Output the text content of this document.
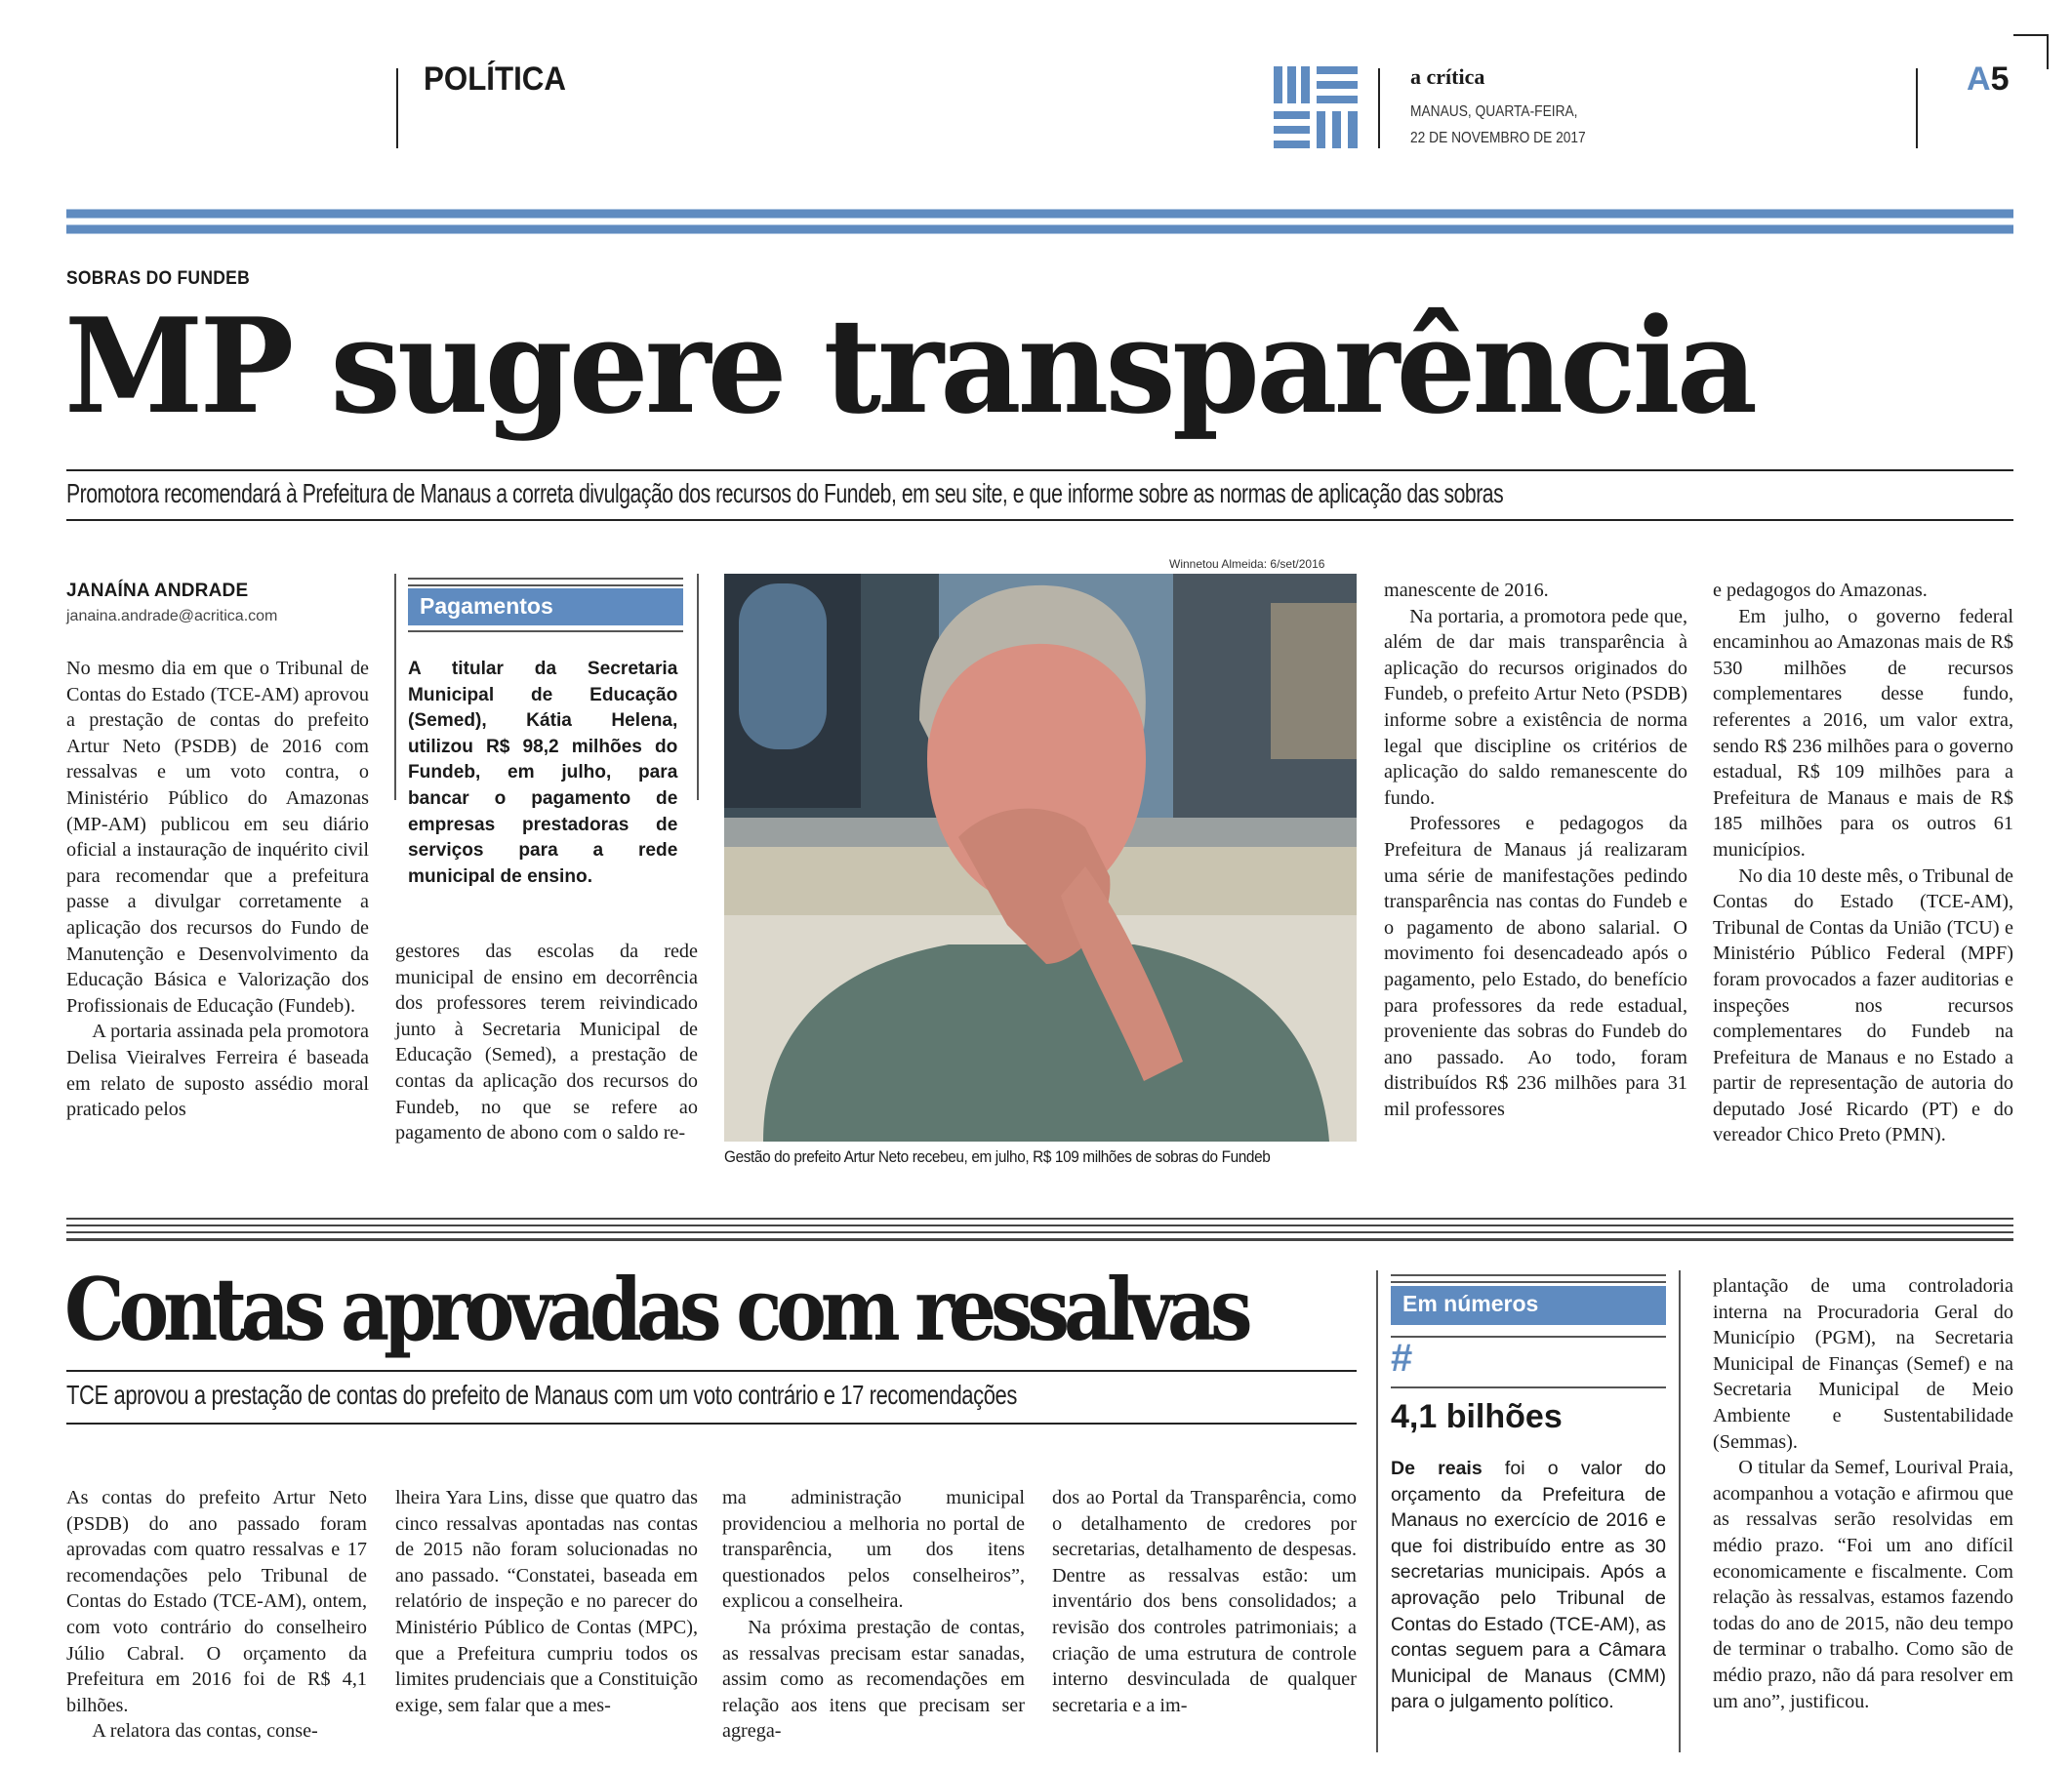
POLÍTICA	a crítica
MANAUS, QUARTA-FEIRA,
22 DE NOVEMBRO DE 2017
A5
SOBRAS DO FUNDEB
MP sugere transparência
Promotora recomendará à Prefeitura de Manaus a correta divulgação dos recursos do Fundeb, em seu site, e que informe sobre as normas de aplicação das sobras
JANAÍNA ANDRADE
janaina.andrade@acritica.com

No mesmo dia em que o Tribunal de Contas do Estado (TCE-AM) aprovou a prestação de contas do prefeito Artur Neto (PSDB) de 2016 com ressalvas e um voto contra, o Ministério Público do Amazonas (MP-AM) publicou em seu diário oficial a instauração de inquérito civil para recomendar que a prefeitura passe a divulgar corretamente a aplicação dos recursos do Fundo de Manutenção e Desenvolvimento da Educação Básica e Valorização dos Profissionais de Educação (Fundeb).

A portaria assinada pela promotora Delisa Vieiralves Ferreira é baseada em relato de suposto assédio moral praticado pelos

Pagamentos
A titular da Secretaria Municipal de Educação (Semed), Kátia Helena, utilizou R$ 98,2 milhões do Fundeb, em julho, para bancar o pagamento de empresas prestadoras de serviços para a rede municipal de ensino.

gestores das escolas da rede municipal de ensino em decorrência dos professores terem reivindicado junto à Secretaria Municipal de Educação (Semed), a prestação de contas da aplicação dos recursos do Fundeb, no que se refere ao pagamento de abono com o saldo re-

Winnetou Almeida: 6/set/2016
Gestão do prefeito Artur Neto recebeu, em julho, R$ 109 milhões de sobras do Fundeb

manescente de 2016.

Na portaria, a promotora pede que, além de dar mais transparência à aplicação do recursos originados do Fundeb, o prefeito Artur Neto (PSDB) informe sobre a existência de norma legal que discipline os critérios de aplicação do saldo remanescente do fundo.

Professores e pedagogos da Prefeitura de Manaus já realizaram uma série de manifestações pedindo transparência nas contas do Fundeb e o pagamento de abono salarial. O movimento foi desencadeado após o pagamento, pelo Estado, do benefício para professores da rede estadual, proveniente das sobras do Fundeb do ano passado. Ao todo, foram distribuídos R$ 236 milhões para 31 mil professores

e pedagogos do Amazonas.

Em julho, o governo federal encaminhou ao Amazonas mais de R$ 530 milhões de recursos complementares desse fundo, referentes a 2016, um valor extra, sendo R$ 236 milhões para o governo estadual, R$ 109 milhões para a Prefeitura de Manaus e mais de R$ 185 milhões para os outros 61 municípios.

No dia 10 deste mês, o Tribunal de Contas do Estado (TCE-AM), Tribunal de Contas da União (TCU) e Ministério Público Federal (MPF) foram provocados a fazer auditorias e inspeções nos recursos complementares do Fundeb na Prefeitura de Manaus e no Estado a partir de representação de autoria do deputado José Ricardo (PT) e do vereador Chico Preto (PMN).

Contas aprovadas com ressalvas
TCE aprovou a prestação de contas do prefeito de Manaus com um voto contrário e 17 recomendações

As contas do prefeito Artur Neto (PSDB) do ano passado foram aprovadas com quatro ressalvas e 17 recomendações pelo Tribunal de Contas do Estado (TCE-AM), ontem, com voto contrário do conselheiro Júlio Cabral. O orçamento da Prefeitura em 2016 foi de R$ 4,1 bilhões.

A relatora das contas, conse-

lheira Yara Lins, disse que quatro das cinco ressalvas apontadas nas contas de 2015 não foram solucionadas no ano passado. “Constatei, baseada em relatório de inspeção e no parecer do Ministério Público de Contas (MPC), que a Prefeitura cumpriu todos os limites prudenciais que a Constituição exige, sem falar que a mes-

ma administração municipal providenciou a melhoria no portal de transparência, um dos itens questionados pelos conselheiros”, explicou a conselheira.

Na próxima prestação de contas, as ressalvas precisam estar sanadas, assim como as recomendações em relação aos itens que precisam ser agrega-

dos ao Portal da Transparência, como o detalhamento de credores por secretarias, detalhamento de despesas. Dentre as ressalvas estão: um inventário dos bens consolidados; a revisão dos controles patrimoniais; a criação de uma estrutura de controle interno desvinculada de qualquer secretaria e a im-

Em números
#
4,1 bilhões
De reais foi o valor do orçamento da Prefeitura de Manaus no exercício de 2016 e que foi distribuído entre as 30 secretarias municipais. Após a aprovação pelo Tribunal de Contas do Estado (TCE-AM), as contas seguem para a Câmara Municipal de Manaus (CMM) para o julgamento político.

plantação de uma controladoria interna na Procuradoria Geral do Município (PGM), na Secretaria Municipal de Finanças (Semef) e na Secretaria Municipal de Meio Ambiente e Sustentabilidade (Semmas).

O titular da Semef, Lourival Praia, acompanhou a votação e afirmou que as ressalvas serão resolvidas em médio prazo. “Foi um ano difícil economicamente e fiscalmente. Com relação às ressalvas, estamos fazendo todas do ano de 2015, não deu tempo de terminar o trabalho. Como são de médio prazo, não dá para resolver em um ano”, justificou.
